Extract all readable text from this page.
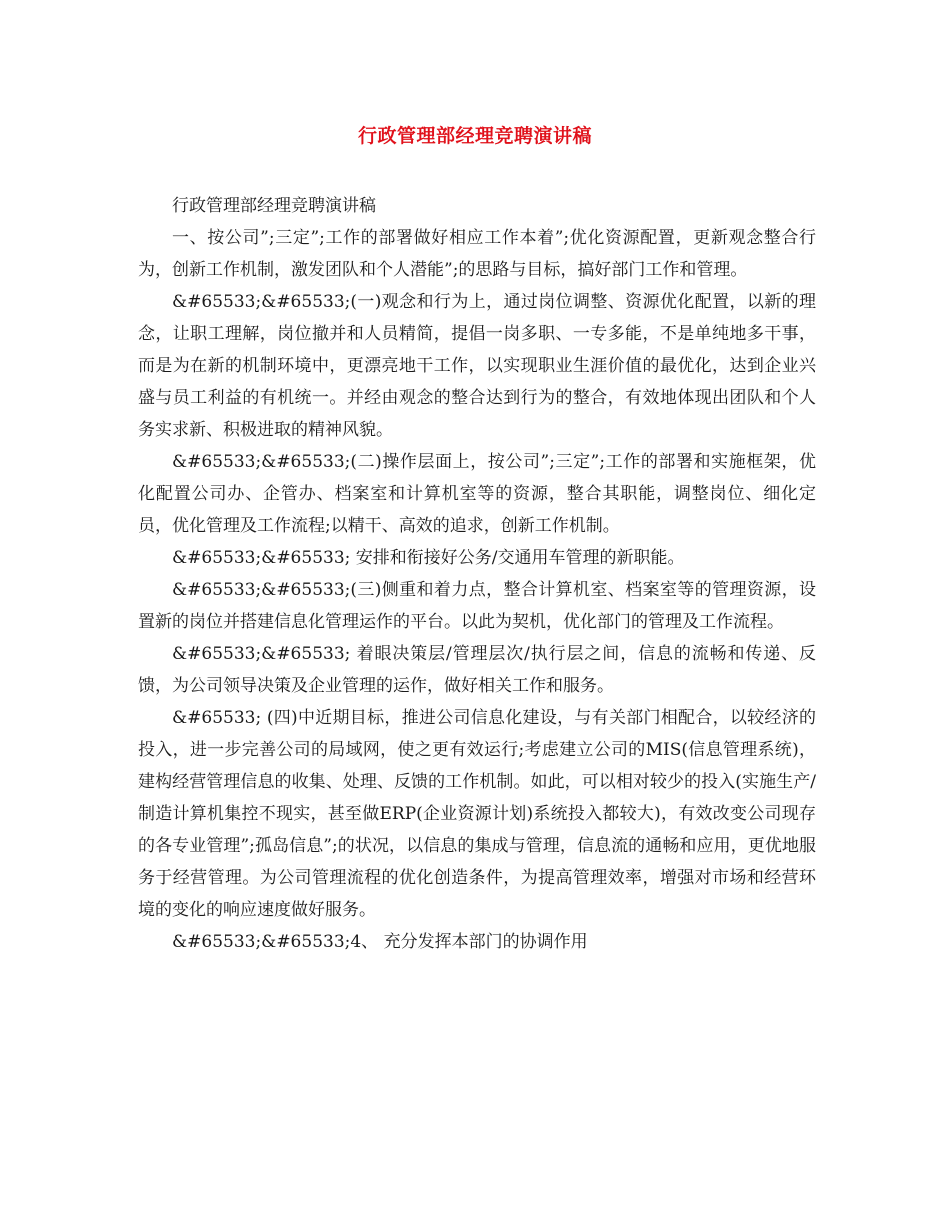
行政管理部经理竞聘演讲稿

行政管理部经理竞聘演讲稿

一、按公司”;三定”;工作的部署做好相应工作本着”;优化资源配置，更新观念整合行为，创新工作机制，激发团队和个人潜能”;的思路与目标，搞好部门工作和管理。

&#65533;&#65533;(一)观念和行为上，通过岗位调整、资源优化配置，以新的理念，让职工理解，岗位撤并和人员精简，提倡一岗多职、一专多能，不是单纯地多干事，而是为在新的机制环境中，更漂亮地干工作，以实现职业生涯价值的最优化，达到企业兴盛与员工利益的有机统一。并经由观念的整合达到行为的整合，有效地体现出团队和个人务实求新、积极进取的精神风貌。

&#65533;&#65533;(二)操作层面上，按公司”;三定”;工作的部署和实施框架，优化配置公司办、企管办、档案室和计算机室等的资源，整合其职能，调整岗位、细化定员，优化管理及工作流程;以精干、高效的追求，创新工作机制。

&#65533;&#65533; 安排和衔接好公务/交通用车管理的新职能。

&#65533;&#65533;(三)侧重和着力点，整合计算机室、档案室等的管理资源，设置新的岗位并搭建信息化管理运作的平台。以此为契机，优化部门的管理及工作流程。

&#65533;&#65533; 着眼决策层/管理层次/执行层之间，信息的流畅和传递、反馈，为公司领导决策及企业管理的运作，做好相关工作和服务。

&#65533; (四)中近期目标，推进公司信息化建设，与有关部门相配合，以较经济的投入，进一步完善公司的局域网，使之更有效运行;考虑建立公司的MIS(信息管理系统)，建构经营管理信息的收集、处理、反馈的工作机制。如此，可以相对较少的投入(实施生产/制造计算机集控不现实，甚至做ERP(企业资源计划)系统投入都较大)，有效改变公司现存的各专业管理”;孤岛信息”;的状况，以信息的集成与管理，信息流的通畅和应用，更优地服务于经营管理。为公司管理流程的优化创造条件，为提高管理效率，增强对市场和经营环境的变化的响应速度做好服务。

&#65533;&#65533;4、 充分发挥本部门的协调作用
